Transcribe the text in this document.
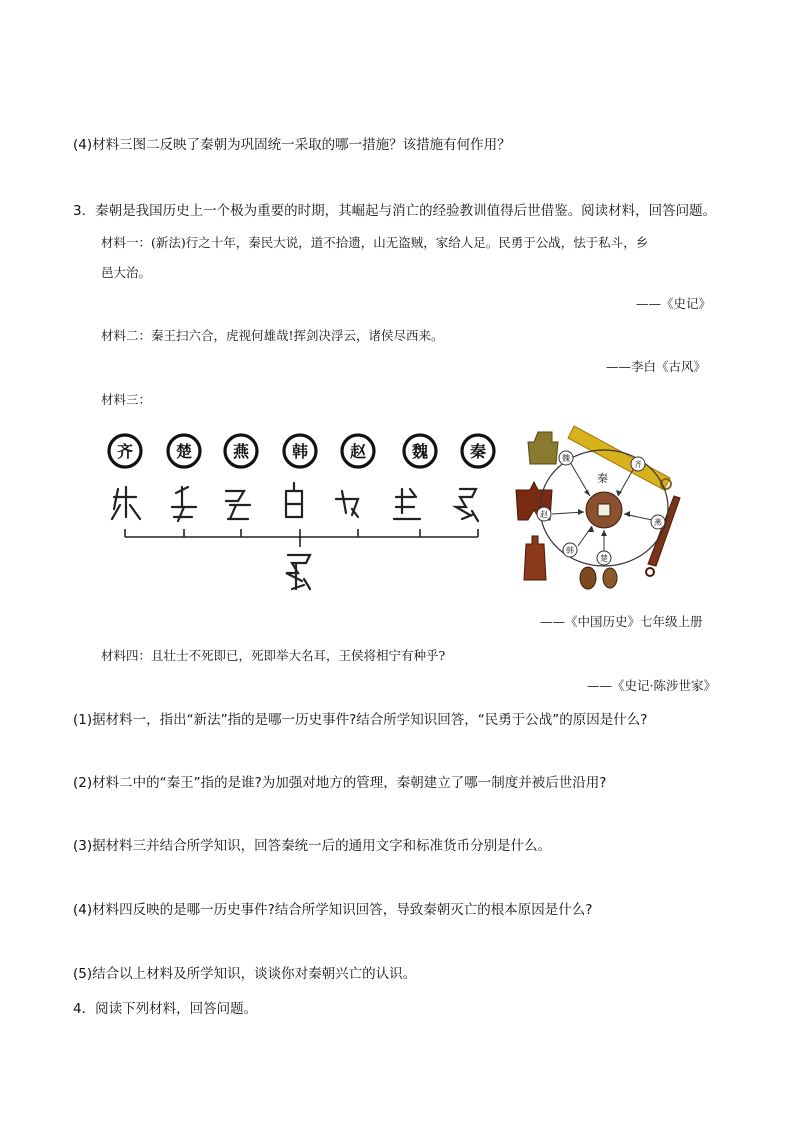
(4)材料三图二反映了秦朝为巩固统一采取的哪一措施？该措施有何作用？
3．秦朝是我国历史上一个极为重要的时期，其崛起与消亡的经验教训值得后世借鉴。阅读材料，回答问题。
材料一：(新法)行之十年，秦民大说，道不拾遗，山无盗贼，家给人足。民勇于公战，怯于私斗，乡
邑大治。
——《史记》
材料二：秦王扫六合，虎视何雄哉!挥剑决浮云，诸侯尽西来。
——李白《古风》
材料三：
齐	楚	燕	韩	赵	魏	秦
秦
魏
齐
赵
燕
韩
楚
——《中国历史》七年级上册
材料四：且壮士不死即已，死即举大名耳，王侯将相宁有种乎?
——《史记·陈涉世家》
(1)据材料一，指出“新法”指的是哪一历史事件?结合所学知识回答，“民勇于公战”的原因是什么?
(2)材料二中的“秦王”指的是谁?为加强对地方的管理，秦朝建立了哪一制度并被后世沿用?
(3)据材料三并结合所学知识，回答秦统一后的通用文字和标准货币分别是什么。
(4)材料四反映的是哪一历史事件?结合所学知识回答，导致秦朝灭亡的根本原因是什么?
(5)结合以上材料及所学知识，谈谈你对秦朝兴亡的认识。
4．阅读下列材料，回答问题。
